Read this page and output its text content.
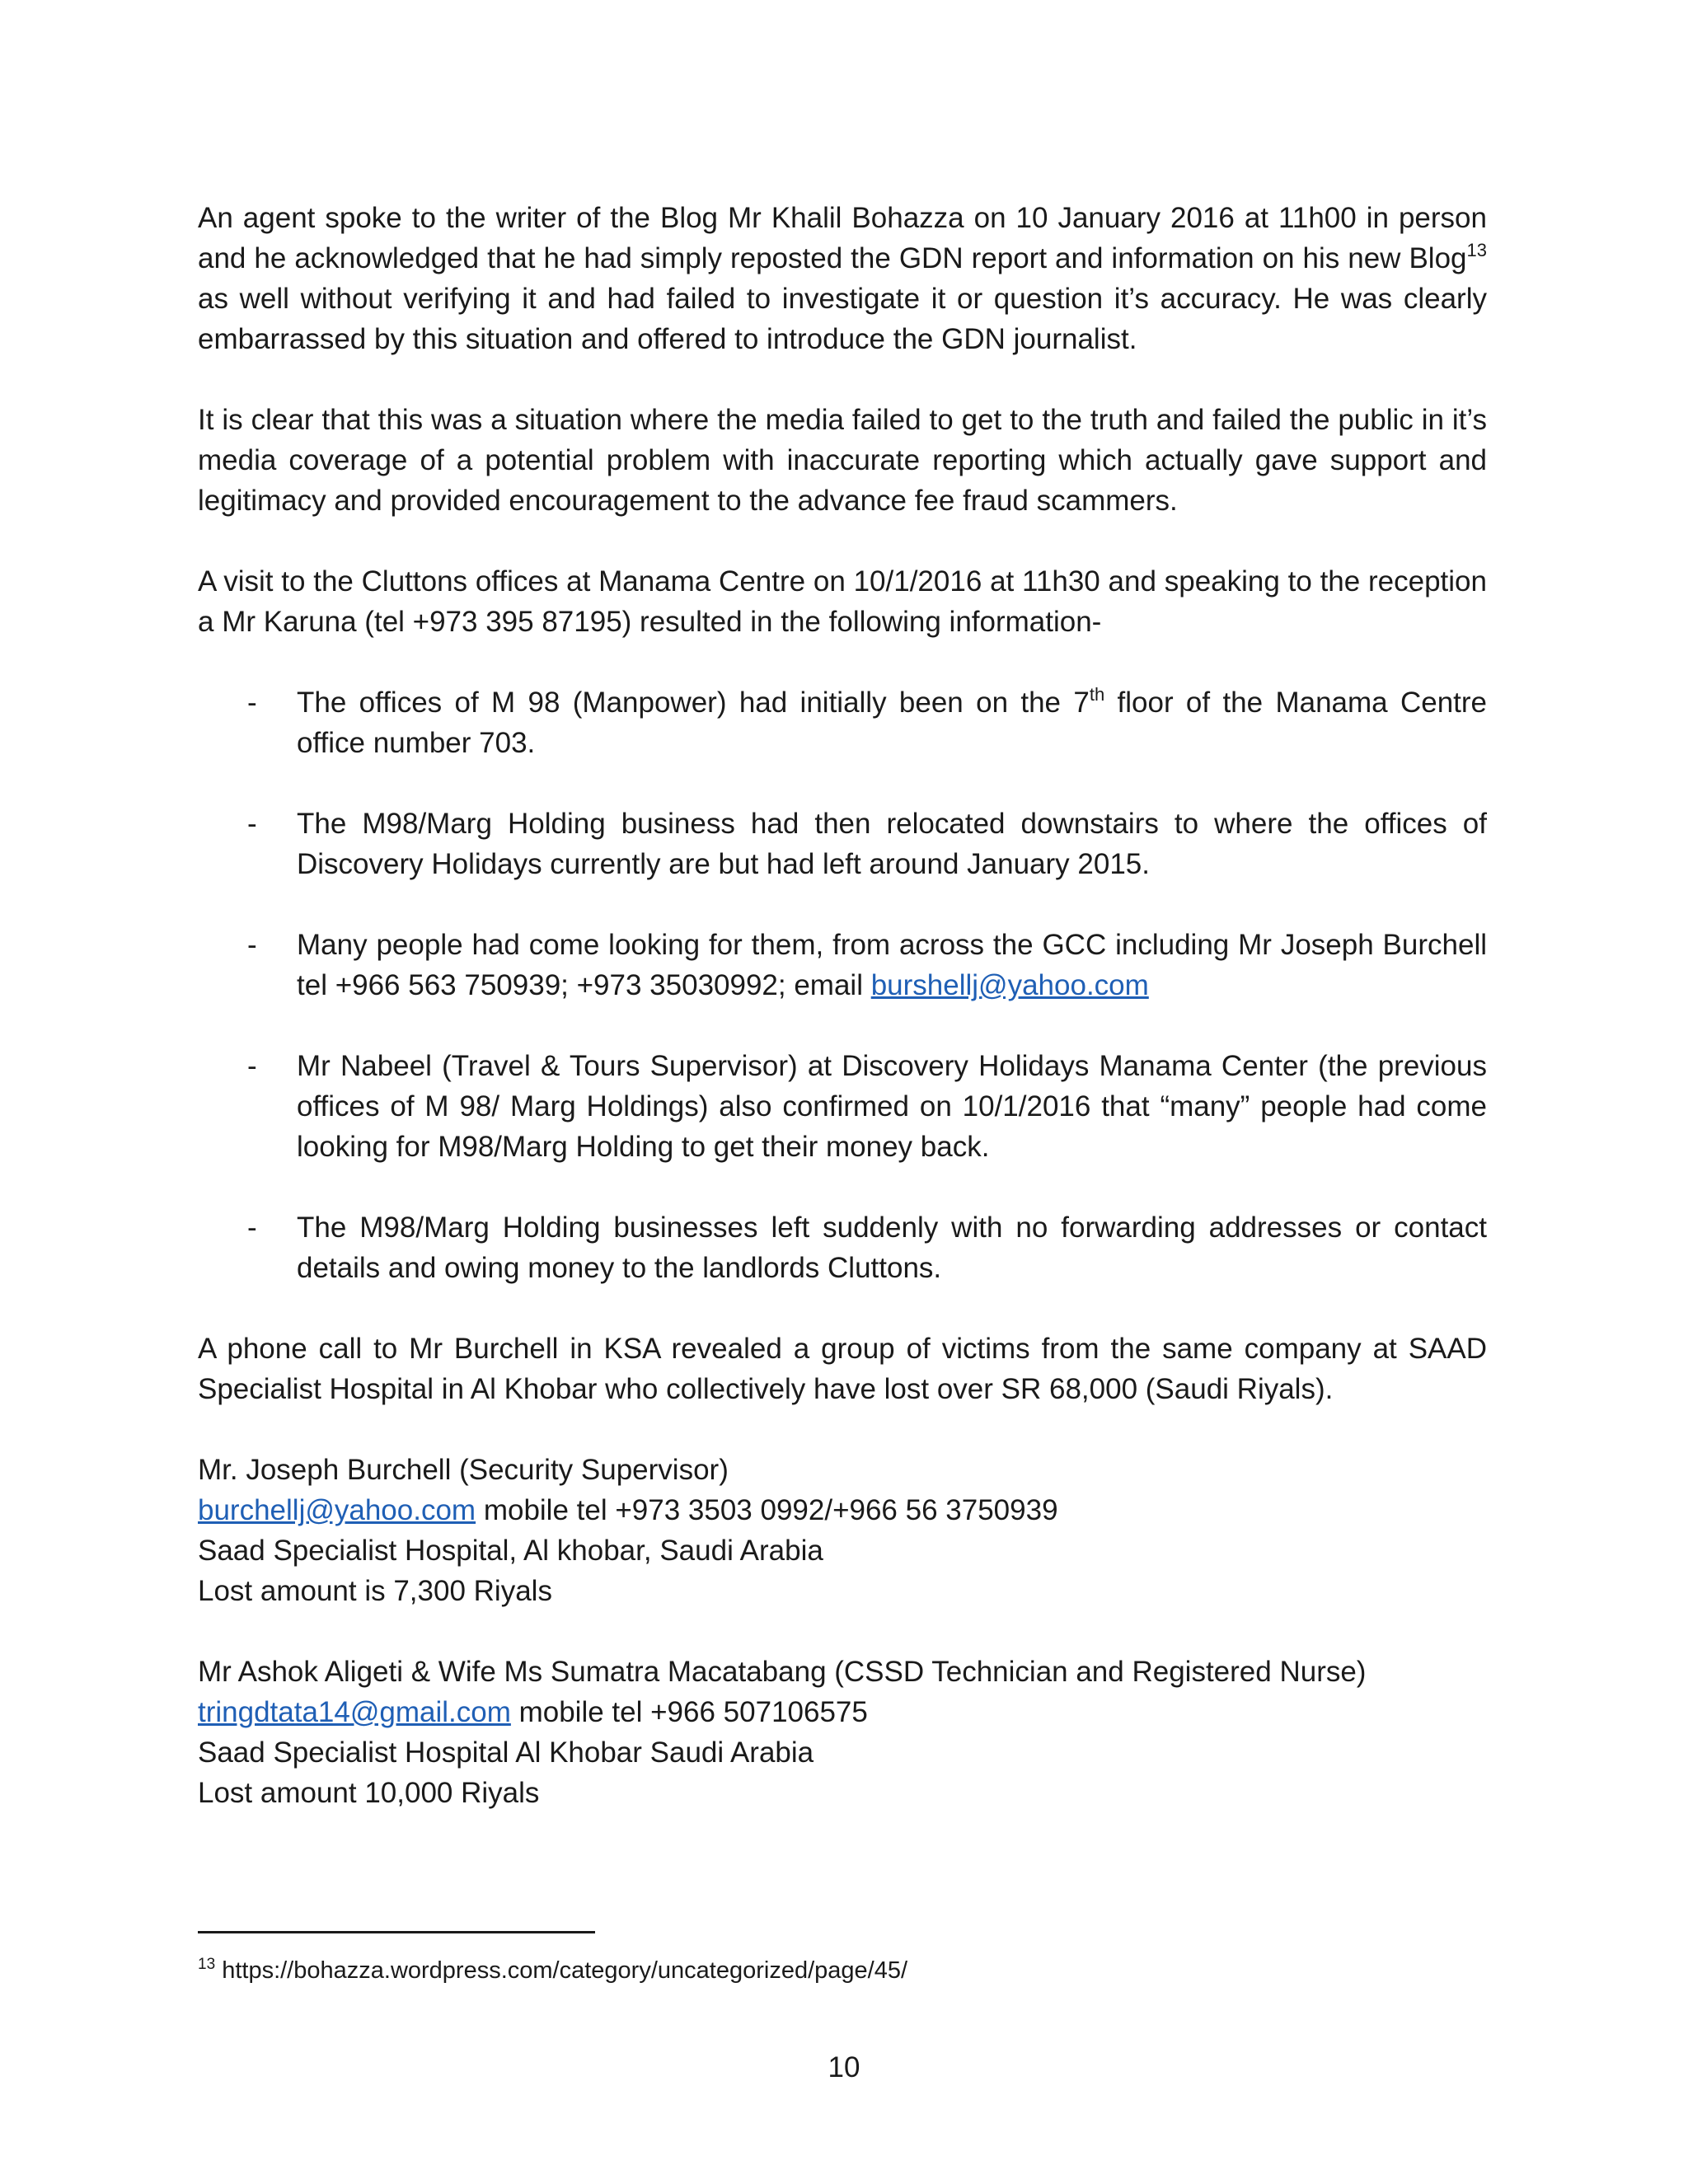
An agent spoke to the writer of the Blog Mr Khalil Bohazza on 10 January 2016 at 11h00 in person and he acknowledged that he had simply reposted the GDN report and information on his new Blog$^{13}$ as well without verifying it and had failed to investigate it or question it’s accuracy. He was clearly embarrassed by this situation and offered to introduce the GDN journalist.

It is clear that this was a situation where the media failed to get to the truth and failed the public in it’s media coverage of a potential problem with inaccurate reporting which actually gave support and legitimacy and provided encouragement to the advance fee fraud scammers.

A visit to the Cluttons offices at Manama Centre on 10/1/2016 at 11h30 and speaking to the reception a Mr Karuna (tel +973 395 87195) resulted in the following information-

- The offices of M 98 (Manpower) had initially been on the 7th floor of the Manama Centre office number 703.
- The M98/Marg Holding business had then relocated downstairs to where the offices of Discovery Holidays currently are but had left around January 2015.
- Many people had come looking for them, from across the GCC including Mr Joseph Burchell tel +966 563 750939; +973 35030992; email burshellj@yahoo.com
- Mr Nabeel (Travel & Tours Supervisor) at Discovery Holidays Manama Center (the previous offices of M 98/ Marg Holdings) also confirmed on 10/1/2016 that “many” people had come looking for M98/Marg Holding to get their money back.
- The M98/Marg Holding businesses left suddenly with no forwarding addresses or contact details and owing money to the landlords Cluttons.

A phone call to Mr Burchell in KSA revealed a group of victims from the same company at SAAD Specialist Hospital in Al Khobar who collectively have lost over SR 68,000 (Saudi Riyals).

Mr. Joseph Burchell (Security Supervisor)
burchellj@yahoo.com mobile tel +973 3503 0992/+966 56 3750939
Saad Specialist Hospital, Al khobar, Saudi Arabia
Lost amount is 7,300 Riyals
Mr Ashok Aligeti & Wife Ms Sumatra Macatabang (CSSD Technician and Registered Nurse)
tringdtata14@gmail.com mobile tel +966 507106575
Saad Specialist Hospital Al Khobar Saudi Arabia
Lost amount 10,000 Riyals
$^{13}$ https://bohazza.wordpress.com/category/uncategorized/page/45/
10
